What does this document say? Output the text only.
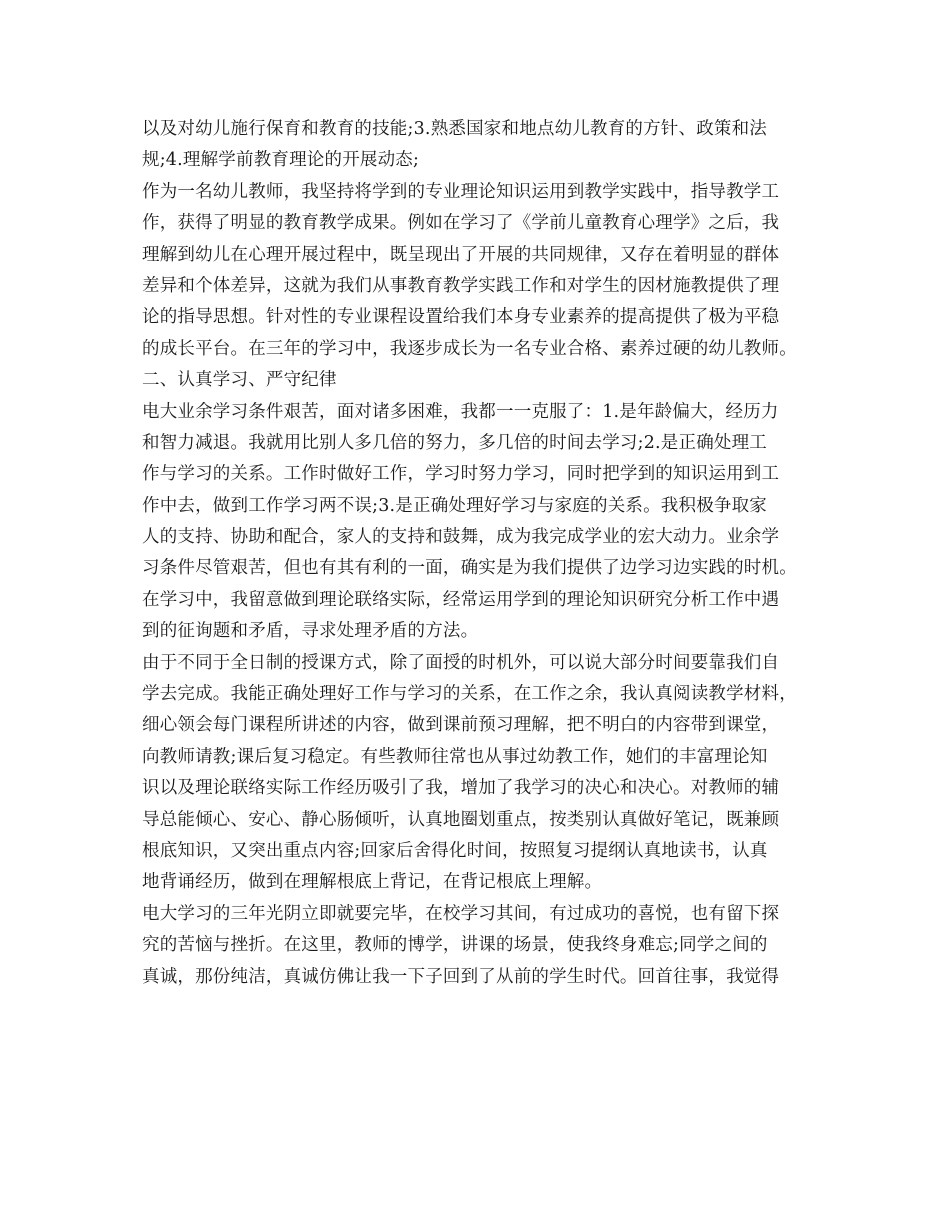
以及对幼儿施行保育和教育的技能;3.熟悉国家和地点幼儿教育的方针、政策和法
规;4.理解学前教育理论的开展动态;
作为一名幼儿教师，我坚持将学到的专业理论知识运用到教学实践中，指导教学工
作，获得了明显的教育教学成果。例如在学习了《学前儿童教育心理学》之后，我
理解到幼儿在心理开展过程中，既呈现出了开展的共同规律，又存在着明显的群体
差异和个体差异，这就为我们从事教育教学实践工作和对学生的因材施教提供了理
论的指导思想。针对性的专业课程设置给我们本身专业素养的提高提供了极为平稳
的成长平台。在三年的学习中，我逐步成长为一名专业合格、素养过硬的幼儿教师。
二、认真学习、严守纪律
电大业余学习条件艰苦，面对诸多困难，我都一一克服了：1.是年龄偏大，经历力
和智力减退。我就用比别人多几倍的努力，多几倍的时间去学习;2.是正确处理工
作与学习的关系。工作时做好工作，学习时努力学习，同时把学到的知识运用到工
作中去，做到工作学习两不误;3.是正确处理好学习与家庭的关系。我积极争取家
人的支持、协助和配合，家人的支持和鼓舞，成为我完成学业的宏大动力。业余学
习条件尽管艰苦，但也有其有利的一面，确实是为我们提供了边学习边实践的时机。
在学习中，我留意做到理论联络实际，经常运用学到的理论知识研究分析工作中遇
到的征询题和矛盾，寻求处理矛盾的方法。
由于不同于全日制的授课方式，除了面授的时机外，可以说大部分时间要靠我们自
学去完成。我能正确处理好工作与学习的关系，在工作之余，我认真阅读教学材料，
细心领会每门课程所讲述的内容，做到课前预习理解，把不明白的内容带到课堂，
向教师请教;课后复习稳定。有些教师往常也从事过幼教工作，她们的丰富理论知
识以及理论联络实际工作经历吸引了我，增加了我学习的决心和决心。对教师的辅
导总能倾心、安心、静心肠倾听，认真地圈划重点，按类别认真做好笔记，既兼顾
根底知识，又突出重点内容;回家后舍得化时间，按照复习提纲认真地读书，认真
地背诵经历，做到在理解根底上背记，在背记根底上理解。
电大学习的三年光阴立即就要完毕，在校学习其间，有过成功的喜悦，也有留下探
究的苦恼与挫折。在这里，教师的博学，讲课的场景，使我终身难忘;同学之间的
真诚，那份纯洁，真诚仿佛让我一下子回到了从前的学生时代。回首往事，我觉得
